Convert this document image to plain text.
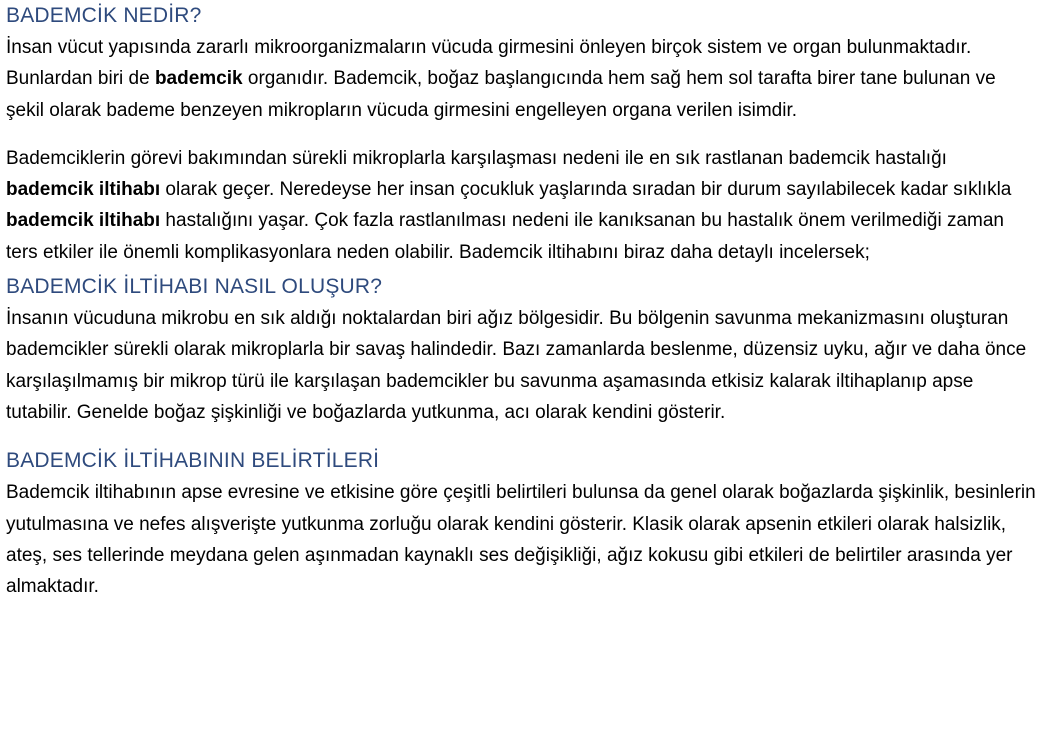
BADEMCİK NEDİR?

İnsan vücut yapısında zararlı mikroorganizmaların vücuda girmesini önleyen birçok sistem ve organ bulunmaktadır. Bunlardan biri de bademcik organıdır. Bademcik, boğaz başlangıcında hem sağ hem sol tarafta birer tane bulunan ve şekil olarak bademe benzeyen mikropların vücuda girmesini engelleyen organa verilen isimdir.

Bademciklerin görevi bakımından sürekli mikroplarla karşılaşması nedeni ile en sık rastlanan bademcik hastalığı bademcik iltihabı olarak geçer. Neredeyse her insan çocukluk yaşlarında sıradan bir durum sayılabilecek kadar sıklıkla bademcik iltihabı hastalığını yaşar. Çok fazla rastlanılması nedeni ile kanıksanan bu hastalık önem verilmediği zaman ters etkiler ile önemli komplikasyonlara neden olabilir. Bademcik iltihabını biraz daha detaylı incelersek;

BADEMCİK İLTİHABI NASIL OLUŞUR?

İnsanın vücuduna mikrobu en sık aldığı noktalardan biri ağız bölgesidir. Bu bölgenin savunma mekanizmasını oluşturan bademcikler sürekli olarak mikroplarla bir savaş halindedir. Bazı zamanlarda beslenme, düzensiz uyku, ağır ve daha önce karşılaşılmamış bir mikrop türü ile karşılaşan bademcikler bu savunma aşamasında etkisiz kalarak iltihaplanıp apse tutabilir. Genelde boğaz şişkinliği ve boğazlarda yutkunma, acı olarak kendini gösterir.

BADEMCİK İLTİHABININ BELİRTİLERİ

Bademcik iltihabının apse evresine ve etkisine göre çeşitli belirtileri bulunsa da genel olarak boğazlarda şişkinlik, besinlerin yutulmasına ve nefes alışverişte yutkunma zorluğu olarak kendini gösterir. Klasik olarak apsenin etkileri olarak halsizlik, ateş, ses tellerinde meydana gelen aşınmadan kaynaklı ses değişikliği, ağız kokusu gibi etkileri de belirtiler arasında yer almaktadır.
